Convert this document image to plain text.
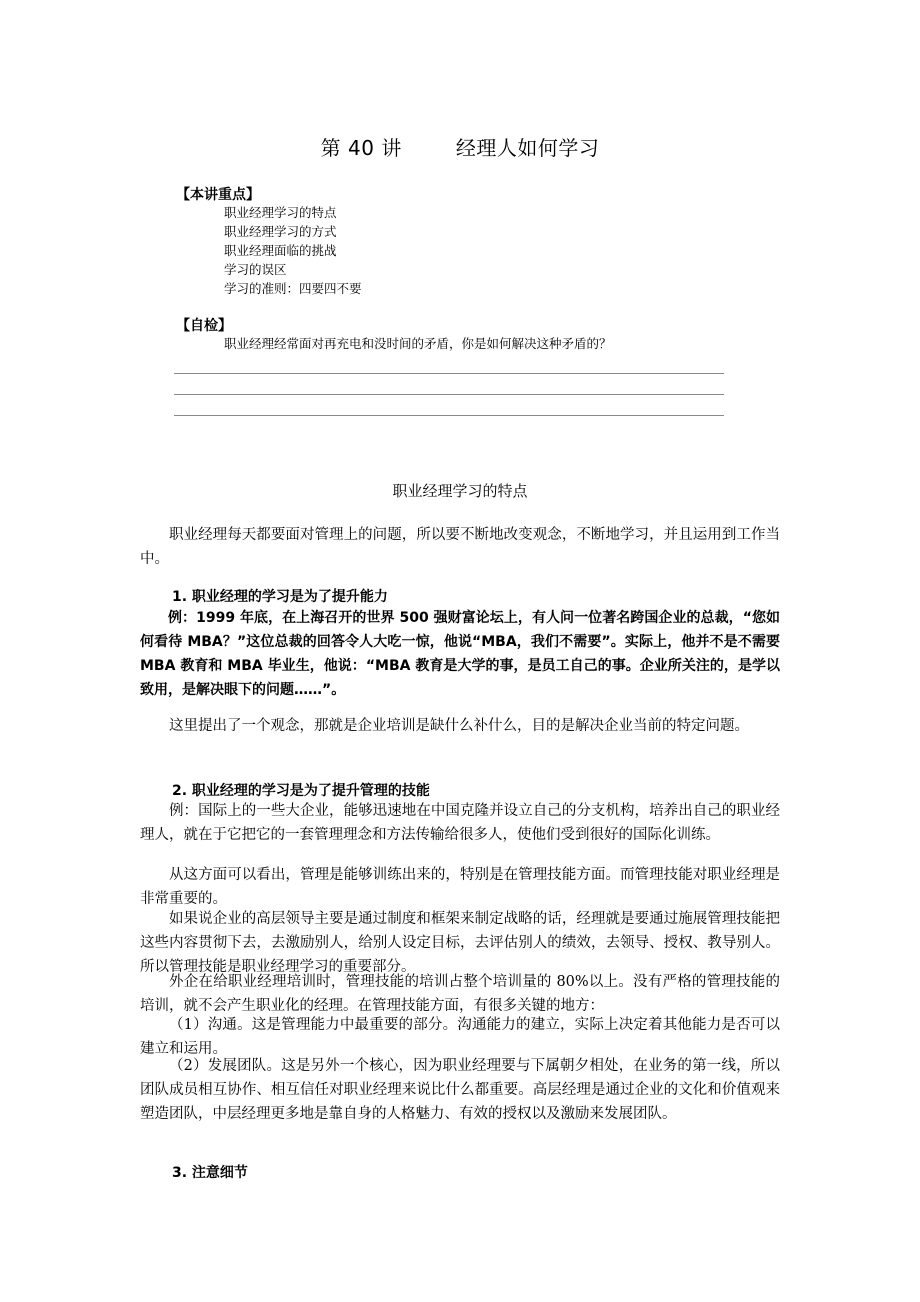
第 40 讲	经理人如何学习
【本讲重点】
职业经理学习的特点
职业经理学习的方式
职业经理面临的挑战
学习的误区
学习的准则：四要四不要
【自检】
职业经理经常面对再充电和没时间的矛盾，你是如何解决这种矛盾的？
职业经理学习的特点

职业经理每天都要面对管理上的问题，所以要不断地改变观念，不断地学习，并且运用到工作当中。

1. 职业经理的学习是为了提升能力

例：1999 年底，在上海召开的世界 500 强财富论坛上，有人问一位著名跨国企业的总裁，“您如何看待 MBA？”这位总裁的回答令人大吃一惊，他说“MBA，我们不需要”。实际上，他并不是不需要 MBA 教育和 MBA 毕业生，他说：“MBA 教育是大学的事，是员工自己的事。企业所关注的，是学以致用，是解决眼下的问题……”。

这里提出了一个观念，那就是企业培训是缺什么补什么，目的是解决企业当前的特定问题。

2. 职业经理的学习是为了提升管理的技能

例：国际上的一些大企业，能够迅速地在中国克隆并设立自己的分支机构，培养出自己的职业经理人，就在于它把它的一套管理理念和方法传输给很多人，使他们受到很好的国际化训练。

从这方面可以看出，管理是能够训练出来的，特别是在管理技能方面。而管理技能对职业经理是非常重要的。

如果说企业的高层领导主要是通过制度和框架来制定战略的话，经理就是要通过施展管理技能把这些内容贯彻下去，去激励别人，给别人设定目标，去评估别人的绩效，去领导、授权、教导别人。所以管理技能是职业经理学习的重要部分。

外企在给职业经理培训时，管理技能的培训占整个培训量的 80%以上。没有严格的管理技能的培训，就不会产生职业化的经理。在管理技能方面，有很多关键的地方：

（1）沟通。这是管理能力中最重要的部分。沟通能力的建立，实际上决定着其他能力是否可以建立和运用。

（2）发展团队。这是另外一个核心，因为职业经理要与下属朝夕相处，在业务的第一线，所以团队成员相互协作、相互信任对职业经理来说比什么都重要。高层经理是通过企业的文化和价值观来塑造团队，中层经理更多地是靠自身的人格魅力、有效的授权以及激励来发展团队。

3. 注意细节
